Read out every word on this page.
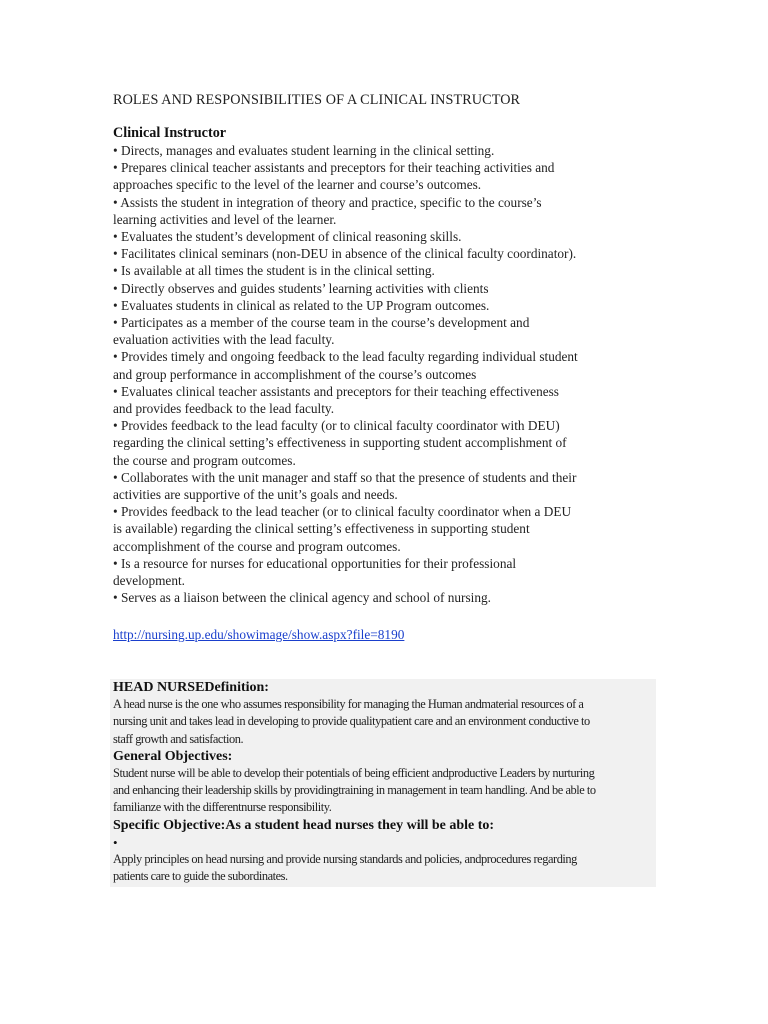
ROLES AND RESPONSIBILITIES OF A CLINICAL INSTRUCTOR
Clinical Instructor
• Directs, manages and evaluates student learning in the clinical setting.
• Prepares clinical teacher assistants and preceptors for their teaching activities and
approaches specific to the level of the learner and course’s outcomes.
• Assists the student in integration of theory and practice, specific to the course’s
learning activities and level of the learner.
• Evaluates the student’s development of clinical reasoning skills.
• Facilitates clinical seminars (non-DEU in absence of the clinical faculty coordinator).
• Is available at all times the student is in the clinical setting.
• Directly observes and guides students’ learning activities with clients
• Evaluates students in clinical as related to the UP Program outcomes.
• Participates as a member of the course team in the course’s development and
evaluation activities with the lead faculty.
• Provides timely and ongoing feedback to the lead faculty regarding individual student
and group performance in accomplishment of the course’s outcomes
• Evaluates clinical teacher assistants and preceptors for their teaching effectiveness
and provides feedback to the lead faculty.
• Provides feedback to the lead faculty (or to clinical faculty coordinator with DEU)
regarding the clinical setting’s effectiveness in supporting student accomplishment of
the course and program outcomes.
• Collaborates with the unit manager and staff so that the presence of students and their
activities are supportive of the unit’s goals and needs.
• Provides feedback to the lead teacher (or to clinical faculty coordinator when a DEU
is available) regarding the clinical setting’s effectiveness in supporting student
accomplishment of the course and program outcomes.
• Is a resource for nurses for educational opportunities for their professional
development.
• Serves as a liaison between the clinical agency and school of nursing.
http://nursing.up.edu/showimage/show.aspx?file=8190
HEAD NURSEDefinition:
A head nurse is the one who assumes responsibility for managing the Human andmaterial resources of a
nursing unit and takes lead in developing to provide qualitypatient care and an environment conductive to
staff growth and satisfaction.
General Objectives:
Student nurse will be able to develop their potentials of being efficient andproductive Leaders by nurturing
and enhancing their leadership skills by providingtraining in management in team handling. And be able to
familianze with the differentnurse responsibility.
Specific Objective:As a student head nurses they will be able to:
•
Apply principles on head nursing and provide nursing standards and policies, andprocedures regarding
patients care to guide the subordinates.
